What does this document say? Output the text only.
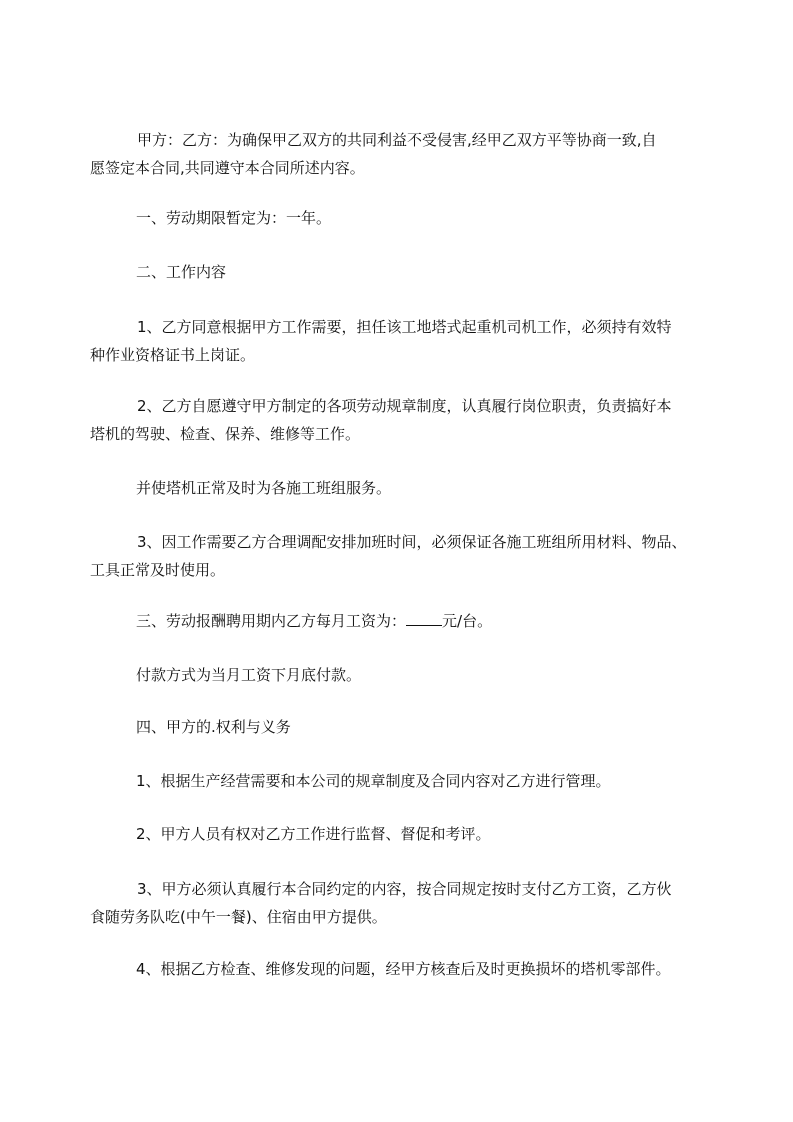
甲方：乙方：为确保甲乙双方的共同利益不受侵害,经甲乙双方平等协商一致,自
愿签定本合同,共同遵守本合同所述内容。
一、劳动期限暂定为：一年。
二、工作内容
1、乙方同意根据甲方工作需要，担任该工地塔式起重机司机工作，必须持有效特
种作业资格证书上岗证。
2、乙方自愿遵守甲方制定的各项劳动规章制度，认真履行岗位职责，负责搞好本
塔机的驾驶、检查、保养、维修等工作。
并使塔机正常及时为各施工班组服务。
3、因工作需要乙方合理调配安排加班时间，必须保证各施工班组所用材料、物品、
工具正常及时使用。
三、劳动报酬聘用期内乙方每月工资为： 元/台。
付款方式为当月工资下月底付款。
四、甲方的.权利与义务
1、根据生产经营需要和本公司的规章制度及合同内容对乙方进行管理。
2、甲方人员有权对乙方工作进行监督、督促和考评。
3、甲方必须认真履行本合同约定的内容，按合同规定按时支付乙方工资，乙方伙
食随劳务队吃(中午一餐)、住宿由甲方提供。
4、根据乙方检查、维修发现的问题，经甲方核查后及时更换损坏的塔机零部件。
